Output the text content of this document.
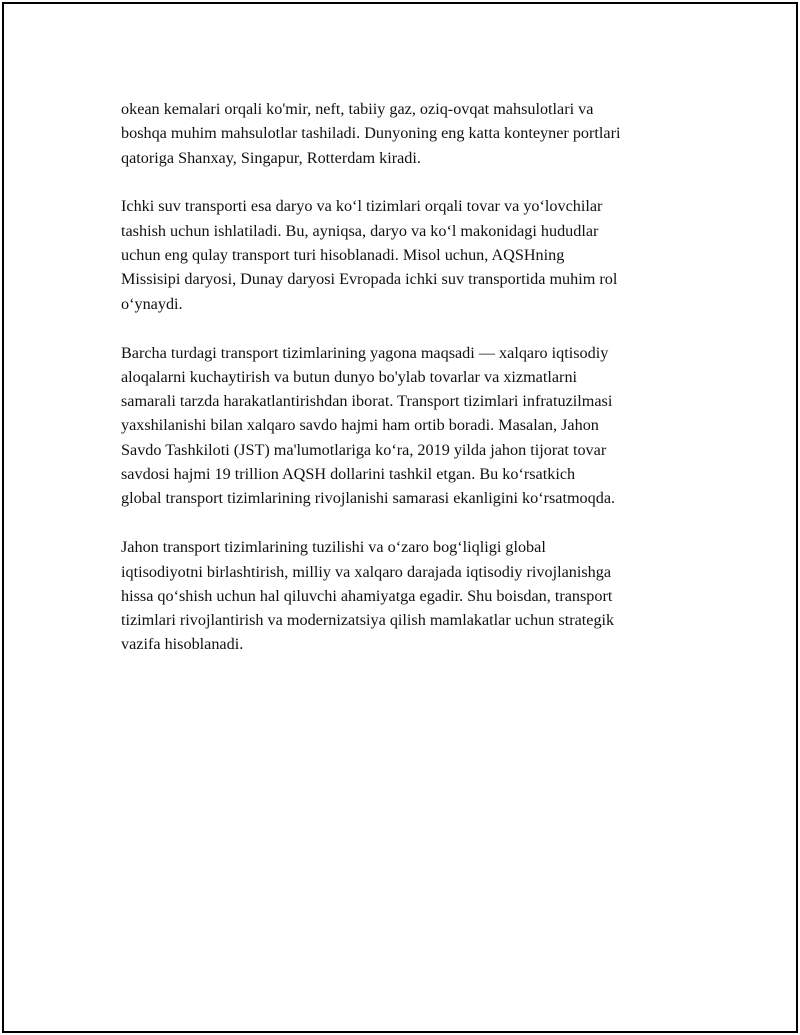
okean kemalari orqali ko'mir, neft, tabiiy gaz, oziq-ovqat mahsulotlari va
boshqa muhim mahsulotlar tashiladi. Dunyoning eng katta konteyner portlari
qatoriga Shanxay, Singapur, Rotterdam kiradi.

Ichki suv transporti esa daryo va ko‘l tizimlari orqali tovar va yo‘lovchilar
tashish uchun ishlatiladi. Bu, ayniqsa, daryo va ko‘l makonidagi hududlar
uchun eng qulay transport turi hisoblanadi. Misol uchun, AQSHning
Missisipi daryosi, Dunay daryosi Evropada ichki suv transportida muhim rol
o‘ynaydi.

Barcha turdagi transport tizimlarining yagona maqsadi — xalqaro iqtisodiy
aloqalarni kuchaytirish va butun dunyo bo'ylab tovarlar va xizmatlarni
samarali tarzda harakatlantirishdan iborat. Transport tizimlari infratuzilmasi
yaxshilanishi bilan xalqaro savdo hajmi ham ortib boradi. Masalan, Jahon
Savdo Tashkiloti (JST) ma'lumotlariga ko‘ra, 2019 yilda jahon tijorat tovar
savdosi hajmi 19 trillion AQSH dollarini tashkil etgan. Bu ko‘rsatkich
global transport tizimlarining rivojlanishi samarasi ekanligini ko‘rsatmoqda.

Jahon transport tizimlarining tuzilishi va o‘zaro bog‘liqligi global
iqtisodiyotni birlashtirish, milliy va xalqaro darajada iqtisodiy rivojlanishga
hissa qo‘shish uchun hal qiluvchi ahamiyatga egadir. Shu boisdan, transport
tizimlari rivojlantirish va modernizatsiya qilish mamlakatlar uchun strategik
vazifa hisoblanadi.
